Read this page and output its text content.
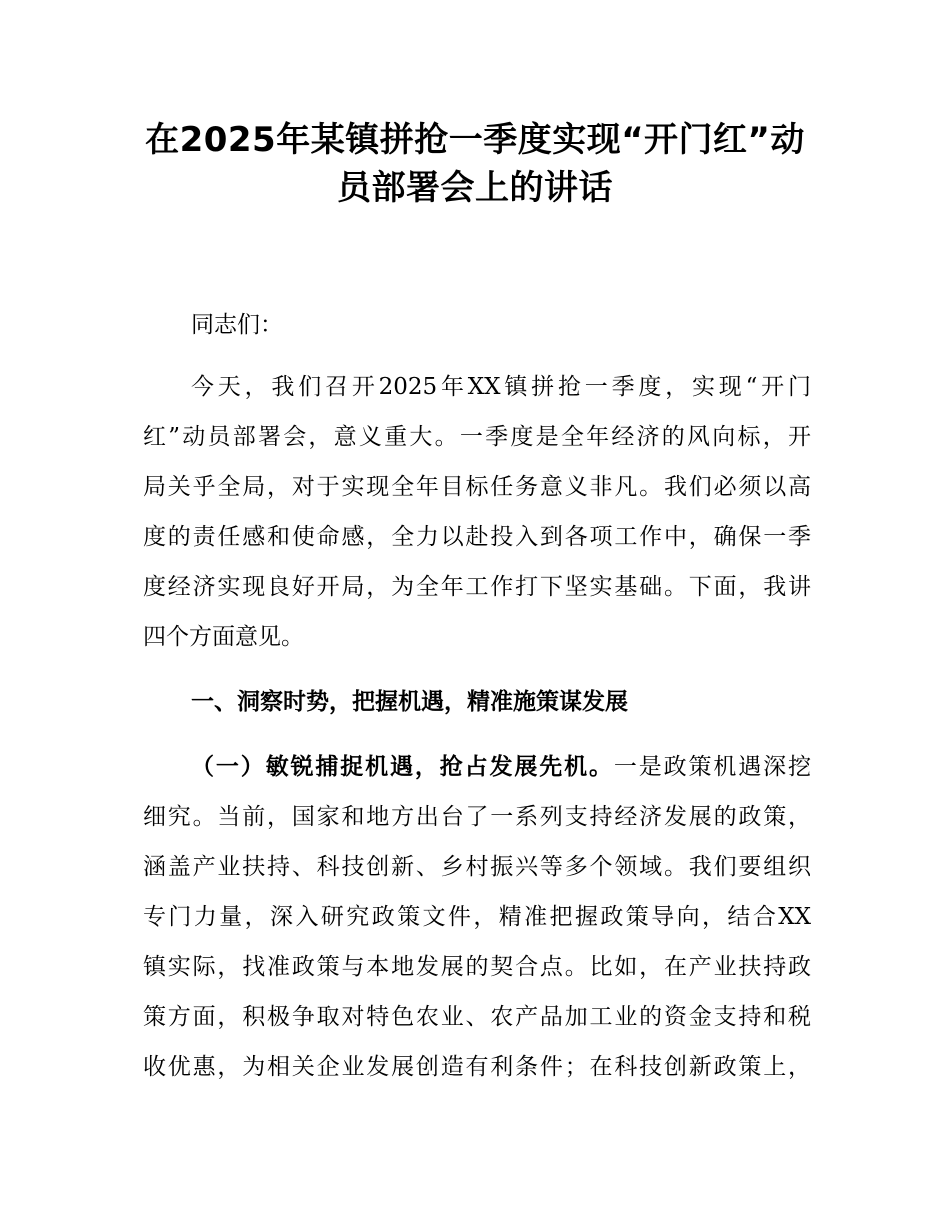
在2025年某镇拼抢一季度实现“开门红”动
员部署会上的讲话
同志们：
今天，我们召开2025年XX镇拼抢一季度，实现“开门
红”动员部署会，意义重大。一季度是全年经济的风向标，开
局关乎全局，对于实现全年目标任务意义非凡。我们必须以高
度的责任感和使命感，全力以赴投入到各项工作中，确保一季
度经济实现良好开局，为全年工作打下坚实基础。下面，我讲
四个方面意见。
一、洞察时势，把握机遇，精准施策谋发展
（一）敏锐捕捉机遇，抢占发展先机。一是政策机遇深挖
细究。当前，国家和地方出台了一系列支持经济发展的政策，
涵盖产业扶持、科技创新、乡村振兴等多个领域。我们要组织
专门力量，深入研究政策文件，精准把握政策导向，结合XX
镇实际，找准政策与本地发展的契合点。比如，在产业扶持政
策方面，积极争取对特色农业、农产品加工业的资金支持和税
收优惠，为相关企业发展创造有利条件；在科技创新政策上，
